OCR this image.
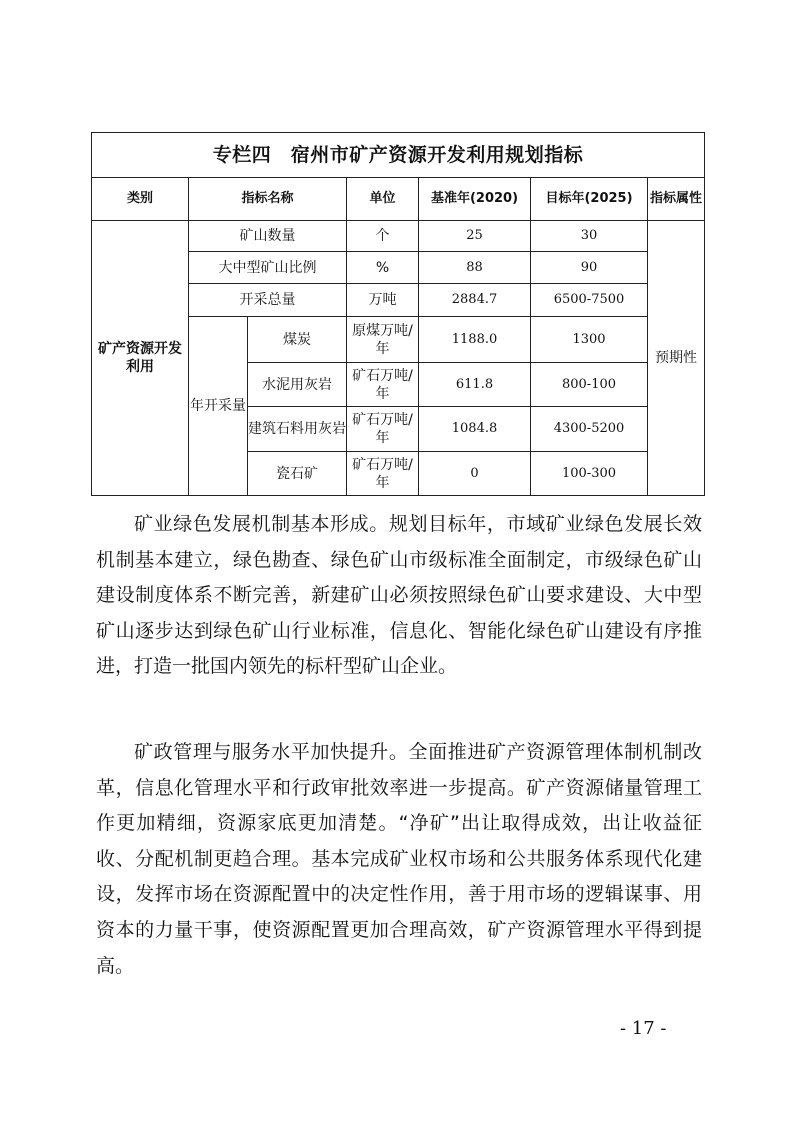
专栏四　宿州市矿产资源开发利用规划指标						
类别	指标名称		单位	基准年(2020)	目标年(2025)	指标属性
矿产资源开发利用	矿山数量		个	25	30	预期性
	大中型矿山比例		%	88	90	
	开采总量		万吨	2884.7	6500-7500	
	年开采量	煤炭	原煤万吨/年	1188.0	1300	
		水泥用灰岩	矿石万吨/年	611.8	800-100	
		建筑石料用灰岩	矿石万吨/年	1084.8	4300-5200	
		瓷石矿	矿石万吨/年	0	100-300	

矿业绿色发展机制基本形成。规划目标年，市域矿业绿色发展长效机制基本建立，绿色勘查、绿色矿山市级标准全面制定，市级绿色矿山建设制度体系不断完善，新建矿山必须按照绿色矿山要求建设、大中型矿山逐步达到绿色矿山行业标准，信息化、智能化绿色矿山建设有序推进，打造一批国内领先的标杆型矿山企业。

矿政管理与服务水平加快提升。全面推进矿产资源管理体制机制改革，信息化管理水平和行政审批效率进一步提高。矿产资源储量管理工作更加精细，资源家底更加清楚。“净矿”出让取得成效，出让收益征收、分配机制更趋合理。基本完成矿业权市场和公共服务体系现代化建设，发挥市场在资源配置中的决定性作用，善于用市场的逻辑谋事、用资本的力量干事，使资源配置更加合理高效，矿产资源管理水平得到提高。

- 17 -
